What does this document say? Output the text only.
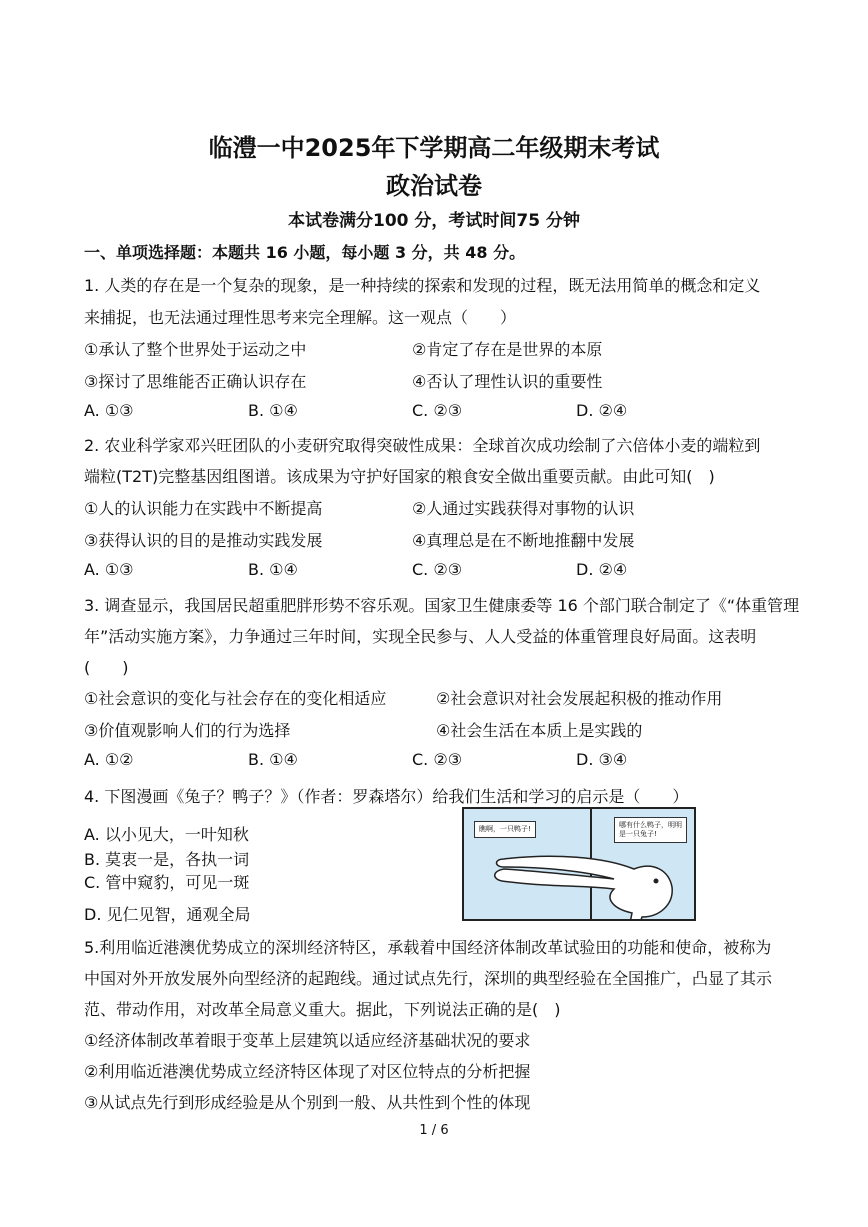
临澧一中2025年下学期高二年级期末考试
政治试卷
本试卷满分100 分，考试时间75 分钟
一、单项选择题：本题共 16 小题，每小题 3 分，共 48 分。
1. 人类的存在是一个复杂的现象，是一种持续的探索和发现的过程，既无法用简单的概念和定义
来捕捉，也无法通过理性思考来完全理解。这一观点（　　）
①承认了整个世界处于运动之中	②肯定了存在是世界的本原
③探讨了思维能否正确认识存在	④否认了理性认识的重要性
A. ①③	B. ①④	C. ②③	D. ②④
2. 农业科学家邓兴旺团队的小麦研究取得突破性成果：全球首次成功绘制了六倍体小麦的端粒到
端粒(T2T)完整基因组图谱。该成果为守护好国家的粮食安全做出重要贡献。由此可知(　)
①人的认识能力在实践中不断提高	②人通过实践获得对事物的认识
③获得认识的目的是推动实践发展	④真理总是在不断地推翻中发展
A. ①③	B. ①④	C. ②③	D. ②④
3. 调查显示，我国居民超重肥胖形势不容乐观。国家卫生健康委等 16 个部门联合制定了《“体重管理
年”活动实施方案》，力争通过三年时间，实现全民参与、人人受益的体重管理良好局面。这表明
(　　)
①社会意识的变化与社会存在的变化相适应	②社会意识对社会发展起积极的推动作用
③价值观影响人们的行为选择	④社会生活在本质上是实践的
A. ①②	B. ①④	C. ②③	D. ③④
4. 下图漫画《兔子？鸭子？》（作者：罗森塔尔）给我们生活和学习的启示是（　　）
A. 以小见大，一叶知秋
B. 莫衷一是，各执一词
C. 管中窥豹，可见一斑
D. 见仁见智，通观全局
瞧啊，一只鸭子!	哪有什么鸭子，明明
是一只兔子!
5.利用临近港澳优势成立的深圳经济特区，承载着中国经济体制改革试验田的功能和使命，被称为
中国对外开放发展外向型经济的起跑线。通过试点先行，深圳的典型经验在全国推广，凸显了其示
范、带动作用，对改革全局意义重大。据此，下列说法正确的是(　)
①经济体制改革着眼于变革上层建筑以适应经济基础状况的要求
②利用临近港澳优势成立经济特区体现了对区位特点的分析把握
③从试点先行到形成经验是从个别到一般、从共性到个性的体现
1 / 6
